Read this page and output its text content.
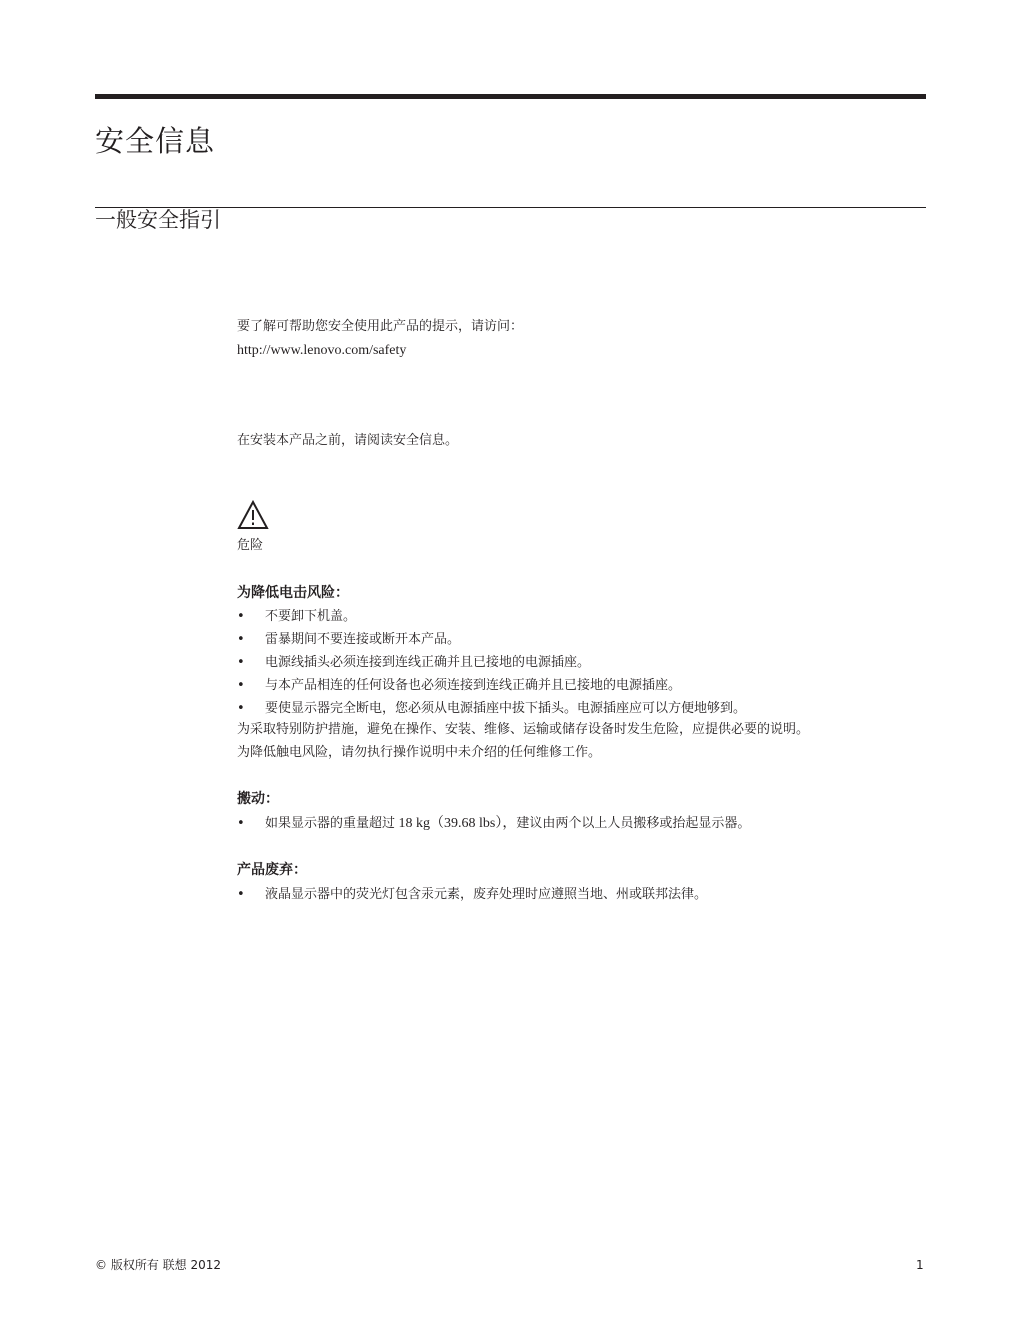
安全信息
一般安全指引
要了解可帮助您安全使用此产品的提示，请访问：
http://www.lenovo.com/safety
在安装本产品之前，请阅读安全信息。
危险
为降低电击风险：
• 不要卸下机盖。
• 雷暴期间不要连接或断开本产品。
• 电源线插头必须连接到连线正确并且已接地的电源插座。
• 与本产品相连的任何设备也必须连接到连线正确并且已接地的电源插座。
• 要使显示器完全断电，您必须从电源插座中拔下插头。电源插座应可以方便地够到。
为采取特别防护措施，避免在操作、安装、维修、运输或储存设备时发生危险，应提供必要的说明。
为降低触电风险，请勿执行操作说明中未介绍的任何维修工作。
搬动：
• 如果显示器的重量超过 18 kg（39.68 lbs），建议由两个以上人员搬移或抬起显示器。
产品废弃：
• 液晶显示器中的荧光灯包含汞元素，废弃处理时应遵照当地、州或联邦法律。
© 版权所有 联想 2012	1
